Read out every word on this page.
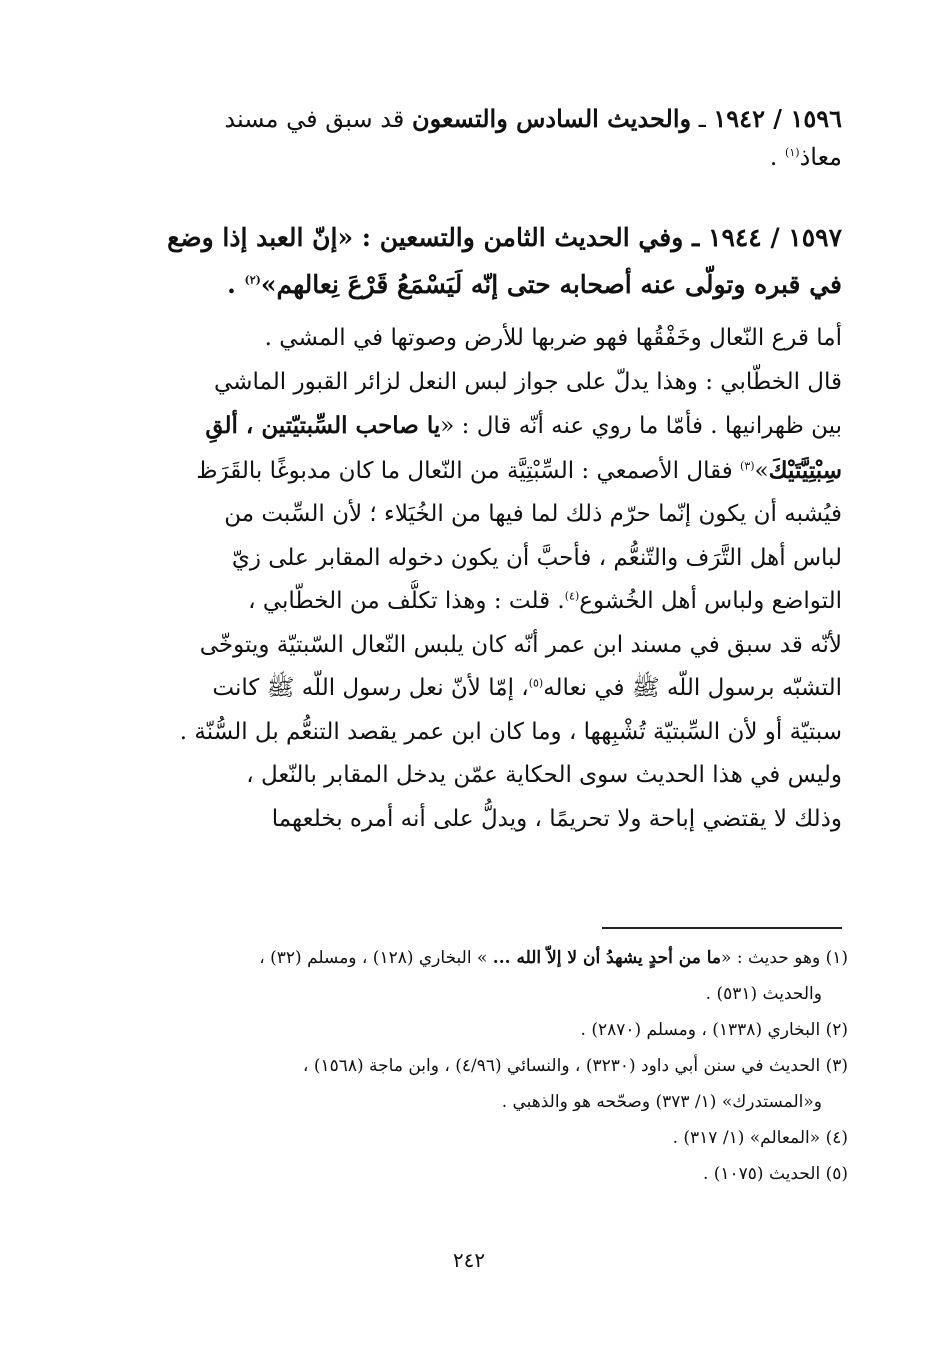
١٥٩٦ / ١٩٤٢ ـ والحديث السادس والتسعون قد سبق في مسند
معاذ$^{(١)}$ .
١٥٩٧ / ١٩٤٤ ـ وفي الحديث الثامن والتسعين : «إنّ العبد إذا وضع
في قبره وتولّى عنه أصحابه حتى إنّه لَيَسْمَعُ قَرْعَ نِعالهم»$^{(٢)}$ .
أما قرع النّعال وخَفْقُها فهو ضربها للأرض وصوتها في المشي .
قال الخطّابي : وهذا يدلّ على جواز لبس النعل لزائر القبور الماشي
بين ظهرانيها . فأمّا ما روي عنه أنّه قال : «يا صاحب السِّبتيّتين ، ألقِ
سِبْتِيَّتَيْكَ»$^{(٣)}$ فقال الأصمعي : السِّبْتِيَّة من النّعال ما كان مدبوغًا بالقَرَظ
فيُشبه أن يكون إنّما حرّم ذلك لما فيها من الخُيَلاء ؛ لأن السِّبت من
لباس أهل التَّرَف والتّنعُّم ، فأحبَّ أن يكون دخوله المقابر على زيّ
التواضع ولباس أهل الخُشوع$^{(٤)}$. قلت : وهذا تكلُّف من الخطّابي ،
لأنّه قد سبق في مسند ابن عمر أنّه كان يلبس النّعال السّبتيّة ويتوخّى
التشبّه برسول اللّه ﷺ في نعاله$^{(٥)}$، إمّا لأنّ نعل رسول اللّه ﷺ كانت
سبتيّة أو لأن السِّبتيّة تُشْبِهها ، وما كان ابن عمر يقصد التنعُّم بل السُّنّة .
وليس في هذا الحديث سوى الحكاية عمّن يدخل المقابر بالنّعل ،
وذلك لا يقتضي إباحة ولا تحريمًا ، ويدلُّ على أنه أمره بخلعهما
(١) وهو حديث : «ما من أحدٍ يشهدُ أن لا إلاّ الله ... » البخاري (١٢٨) ، ومسلم (٣٢) ،
والحديث (٥٣١) .
(٢) البخاري (١٣٣٨) ، ومسلم (٢٨٧٠) .
(٣) الحديث في سنن أبي داود (٣٢٣٠) ، والنسائي (٤/٩٦) ، وابن ماجة (١٥٦٨) ،
و«المستدرك» (١/ ٣٧٣) وصحّحه هو والذهبي .
(٤) «المعالم» (١/ ٣١٧) .
(٥) الحديث (١٠٧٥) .
٢٤٢
